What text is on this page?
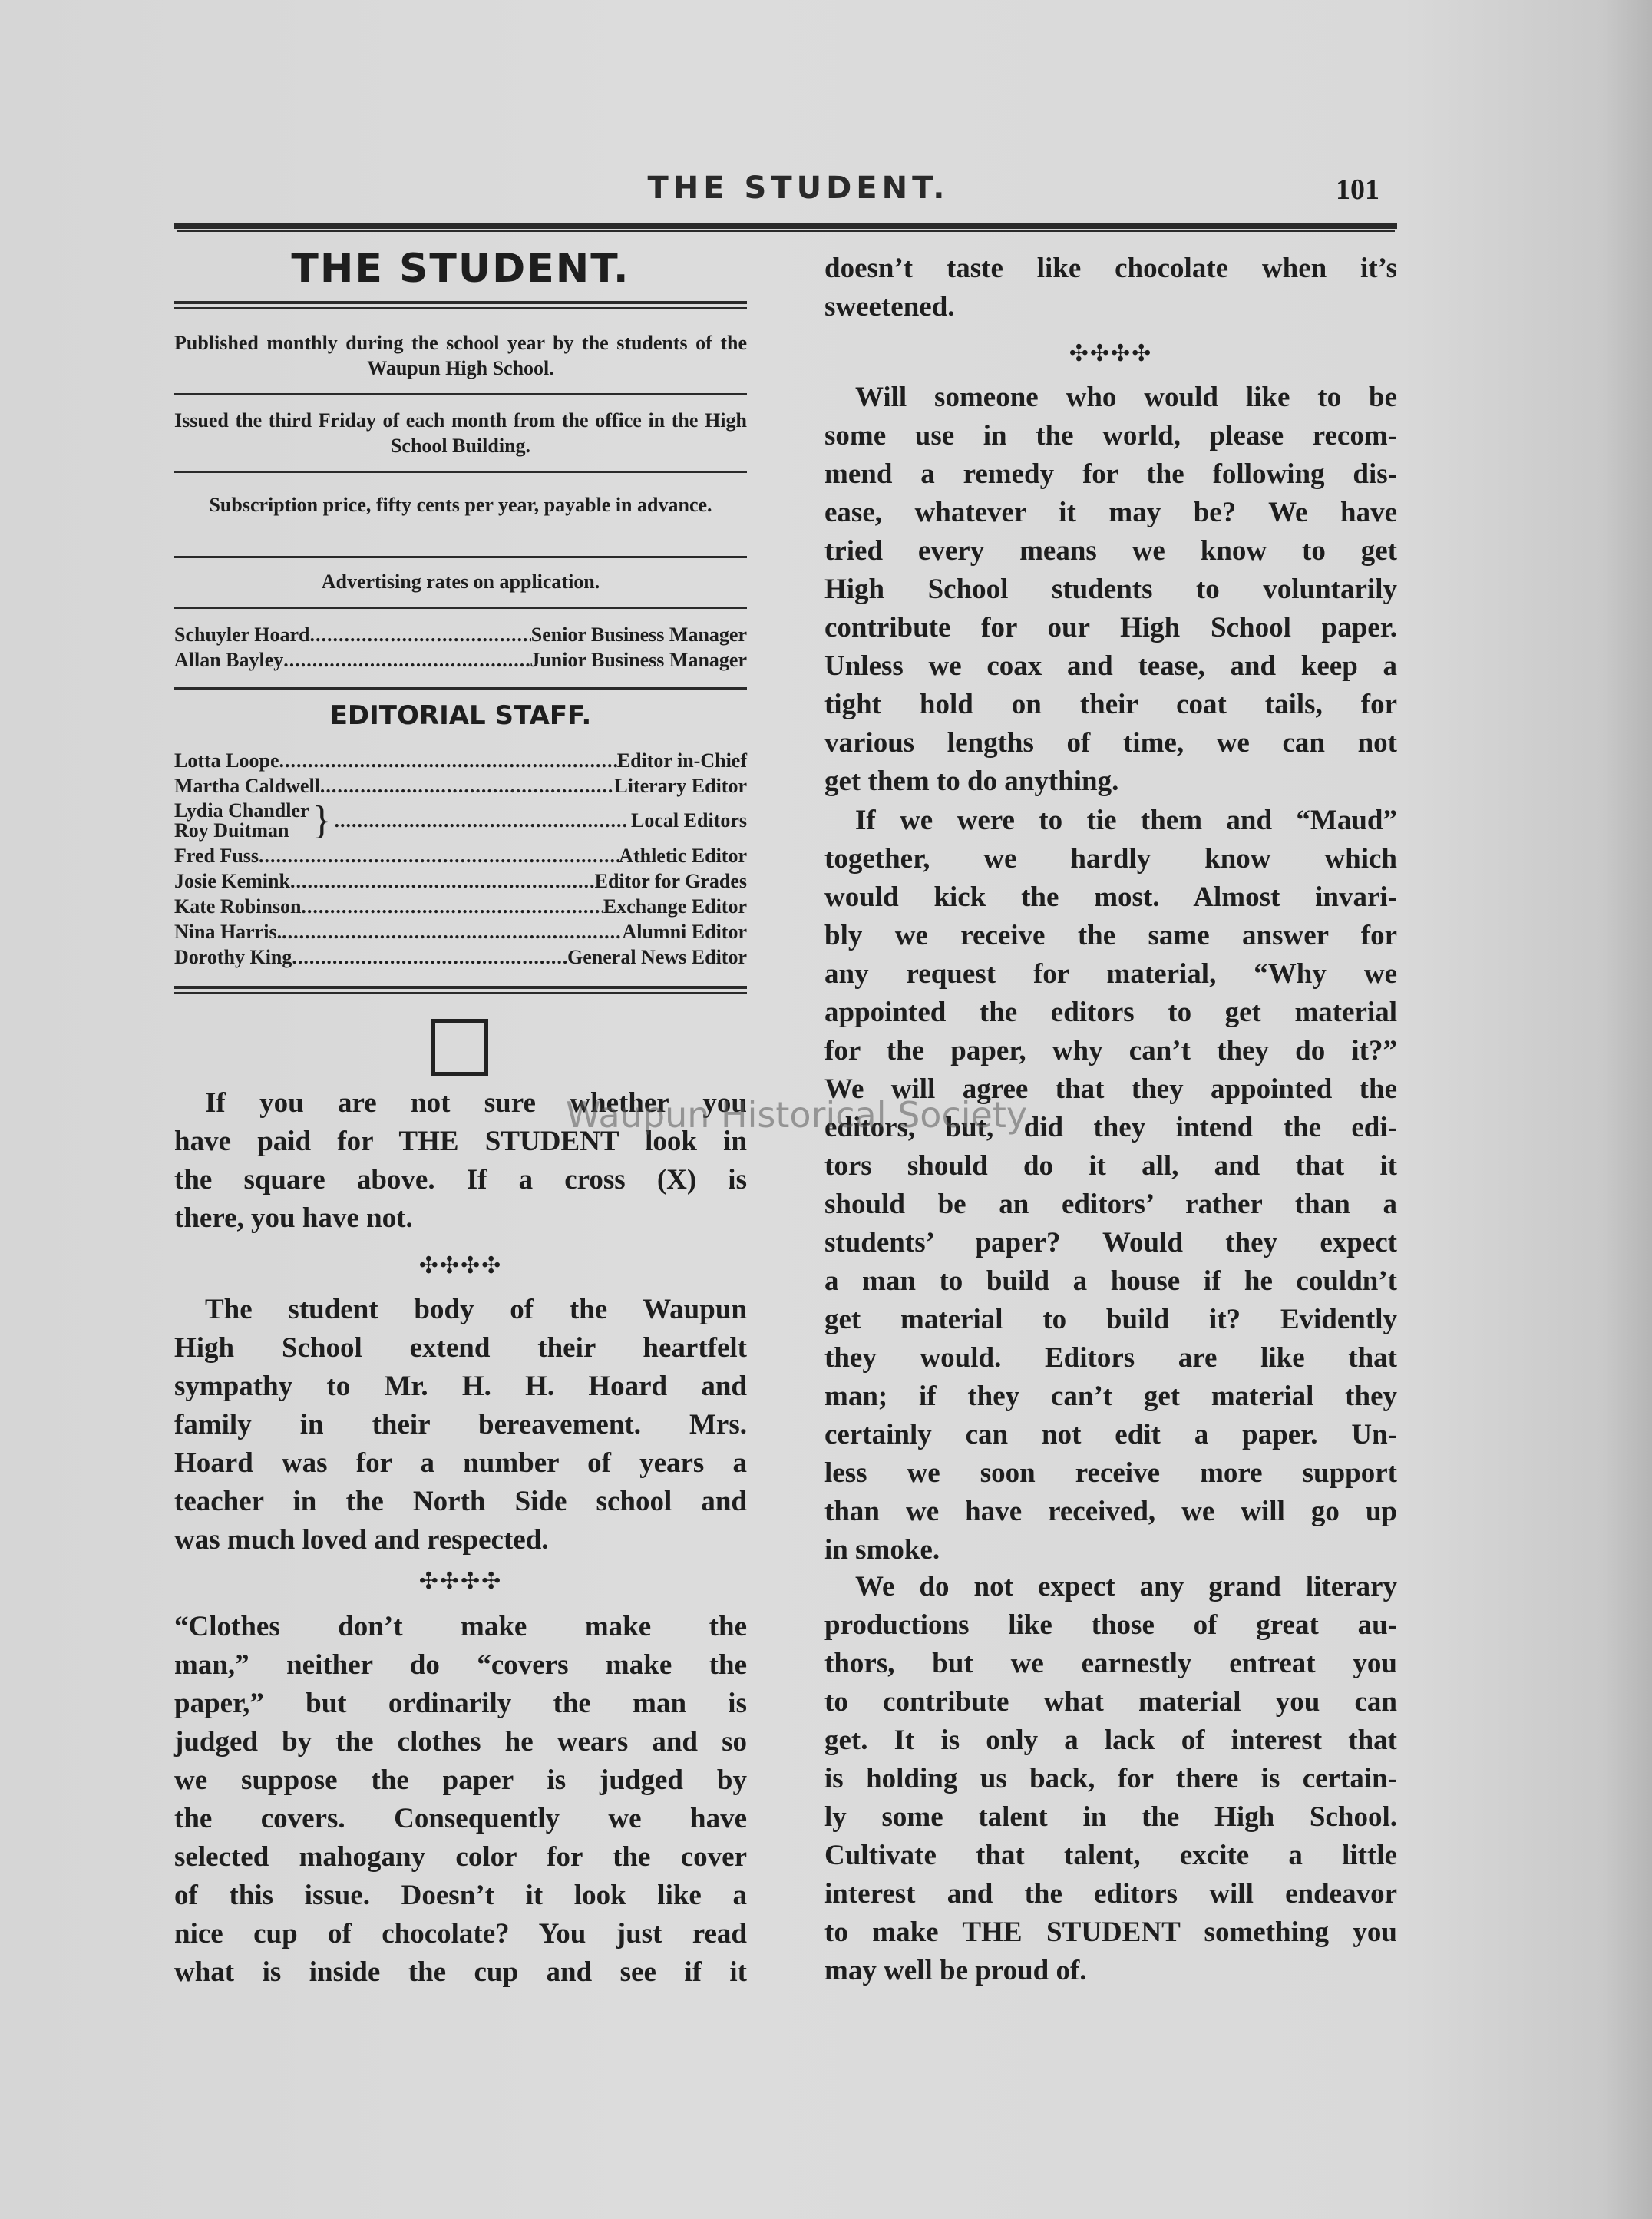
THE STUDENT.	101
THE STUDENT.
Published monthly during the school year by the students of the Waupun High School.
Issued the third Friday of each month from the office in the High School Building.
Subscription price, fifty cents per year, payable in advance.
Advertising rates on application.
Schuyler Hoard .....	Senior Business Manager
Allan Bayley .....	Junior Business Manager
EDITORIAL STAFF.
Lotta Loope .....	Editor in-Chief
Martha Caldwell .....	Literary Editor
Lydia Chandler
Roy Duitman } .....	Local Editors
Fred Fuss .....	Athletic Editor
Josie Kemink .....	Editor for Grades
Kate Robinson .....	Exchange Editor
Nina Harris. .....	Alumni Editor
Dorothy King .....	General News Editor
If you are not sure whether you
have paid for THE STUDENT look in
the square above. If a cross (X) is
there, you have not.
The student body of the Waupun
High School extend their heartfelt
sympathy to Mr. H. H. Hoard and
family in their bereavement. Mrs.
Hoard was for a number of years a
teacher in the North Side school and
was much loved and respected.
“Clothes don’t make make the
man,” neither do “covers make the
paper,” but ordinarily the man is
judged by the clothes he wears and so
we suppose the paper is judged by
the covers. Consequently we have
selected mahogany color for the cover
of this issue. Doesn’t it look like a
nice cup of chocolate? You just read
what is inside the cup and see if it
doesn’t taste like chocolate when it’s
sweetened.
Will someone who would like to be
some use in the world, please recom-
mend a remedy for the following dis-
ease, whatever it may be? We have
tried every means we know to get
High School students to voluntarily
contribute for our High School paper.
Unless we coax and tease, and keep a
tight hold on their coat tails, for
various lengths of time, we can not
get them to do anything.
If we were to tie them and “Maud”
together, we hardly know which
would kick the most. Almost invari-
bly we receive the same answer for
any request for material, “Why we
appointed the editors to get material
for the paper, why can’t they do it?”
We will agree that they appointed the
editors, but, did they intend the edi-
tors should do it all, and that it
should be an editors’ rather than a
students’ paper? Would they expect
a man to build a house if he couldn’t
get material to build it? Evidently
they would. Editors are like that
man; if they can’t get material they
certainly can not edit a paper. Un-
less we soon receive more support
than we have received, we will go up
in smoke.
We do not expect any grand literary
productions like those of great au-
thors, but we earnestly entreat you
to contribute what material you can
get. It is only a lack of interest that
is holding us back, for there is certain-
ly some talent in the High School.
Cultivate that talent, excite a little
interest and the editors will endeavor
to make THE STUDENT something you
may well be proud of.
✣✣✣✣
✣✣✣✣
✣✣✣✣
Waupun Historical Society
